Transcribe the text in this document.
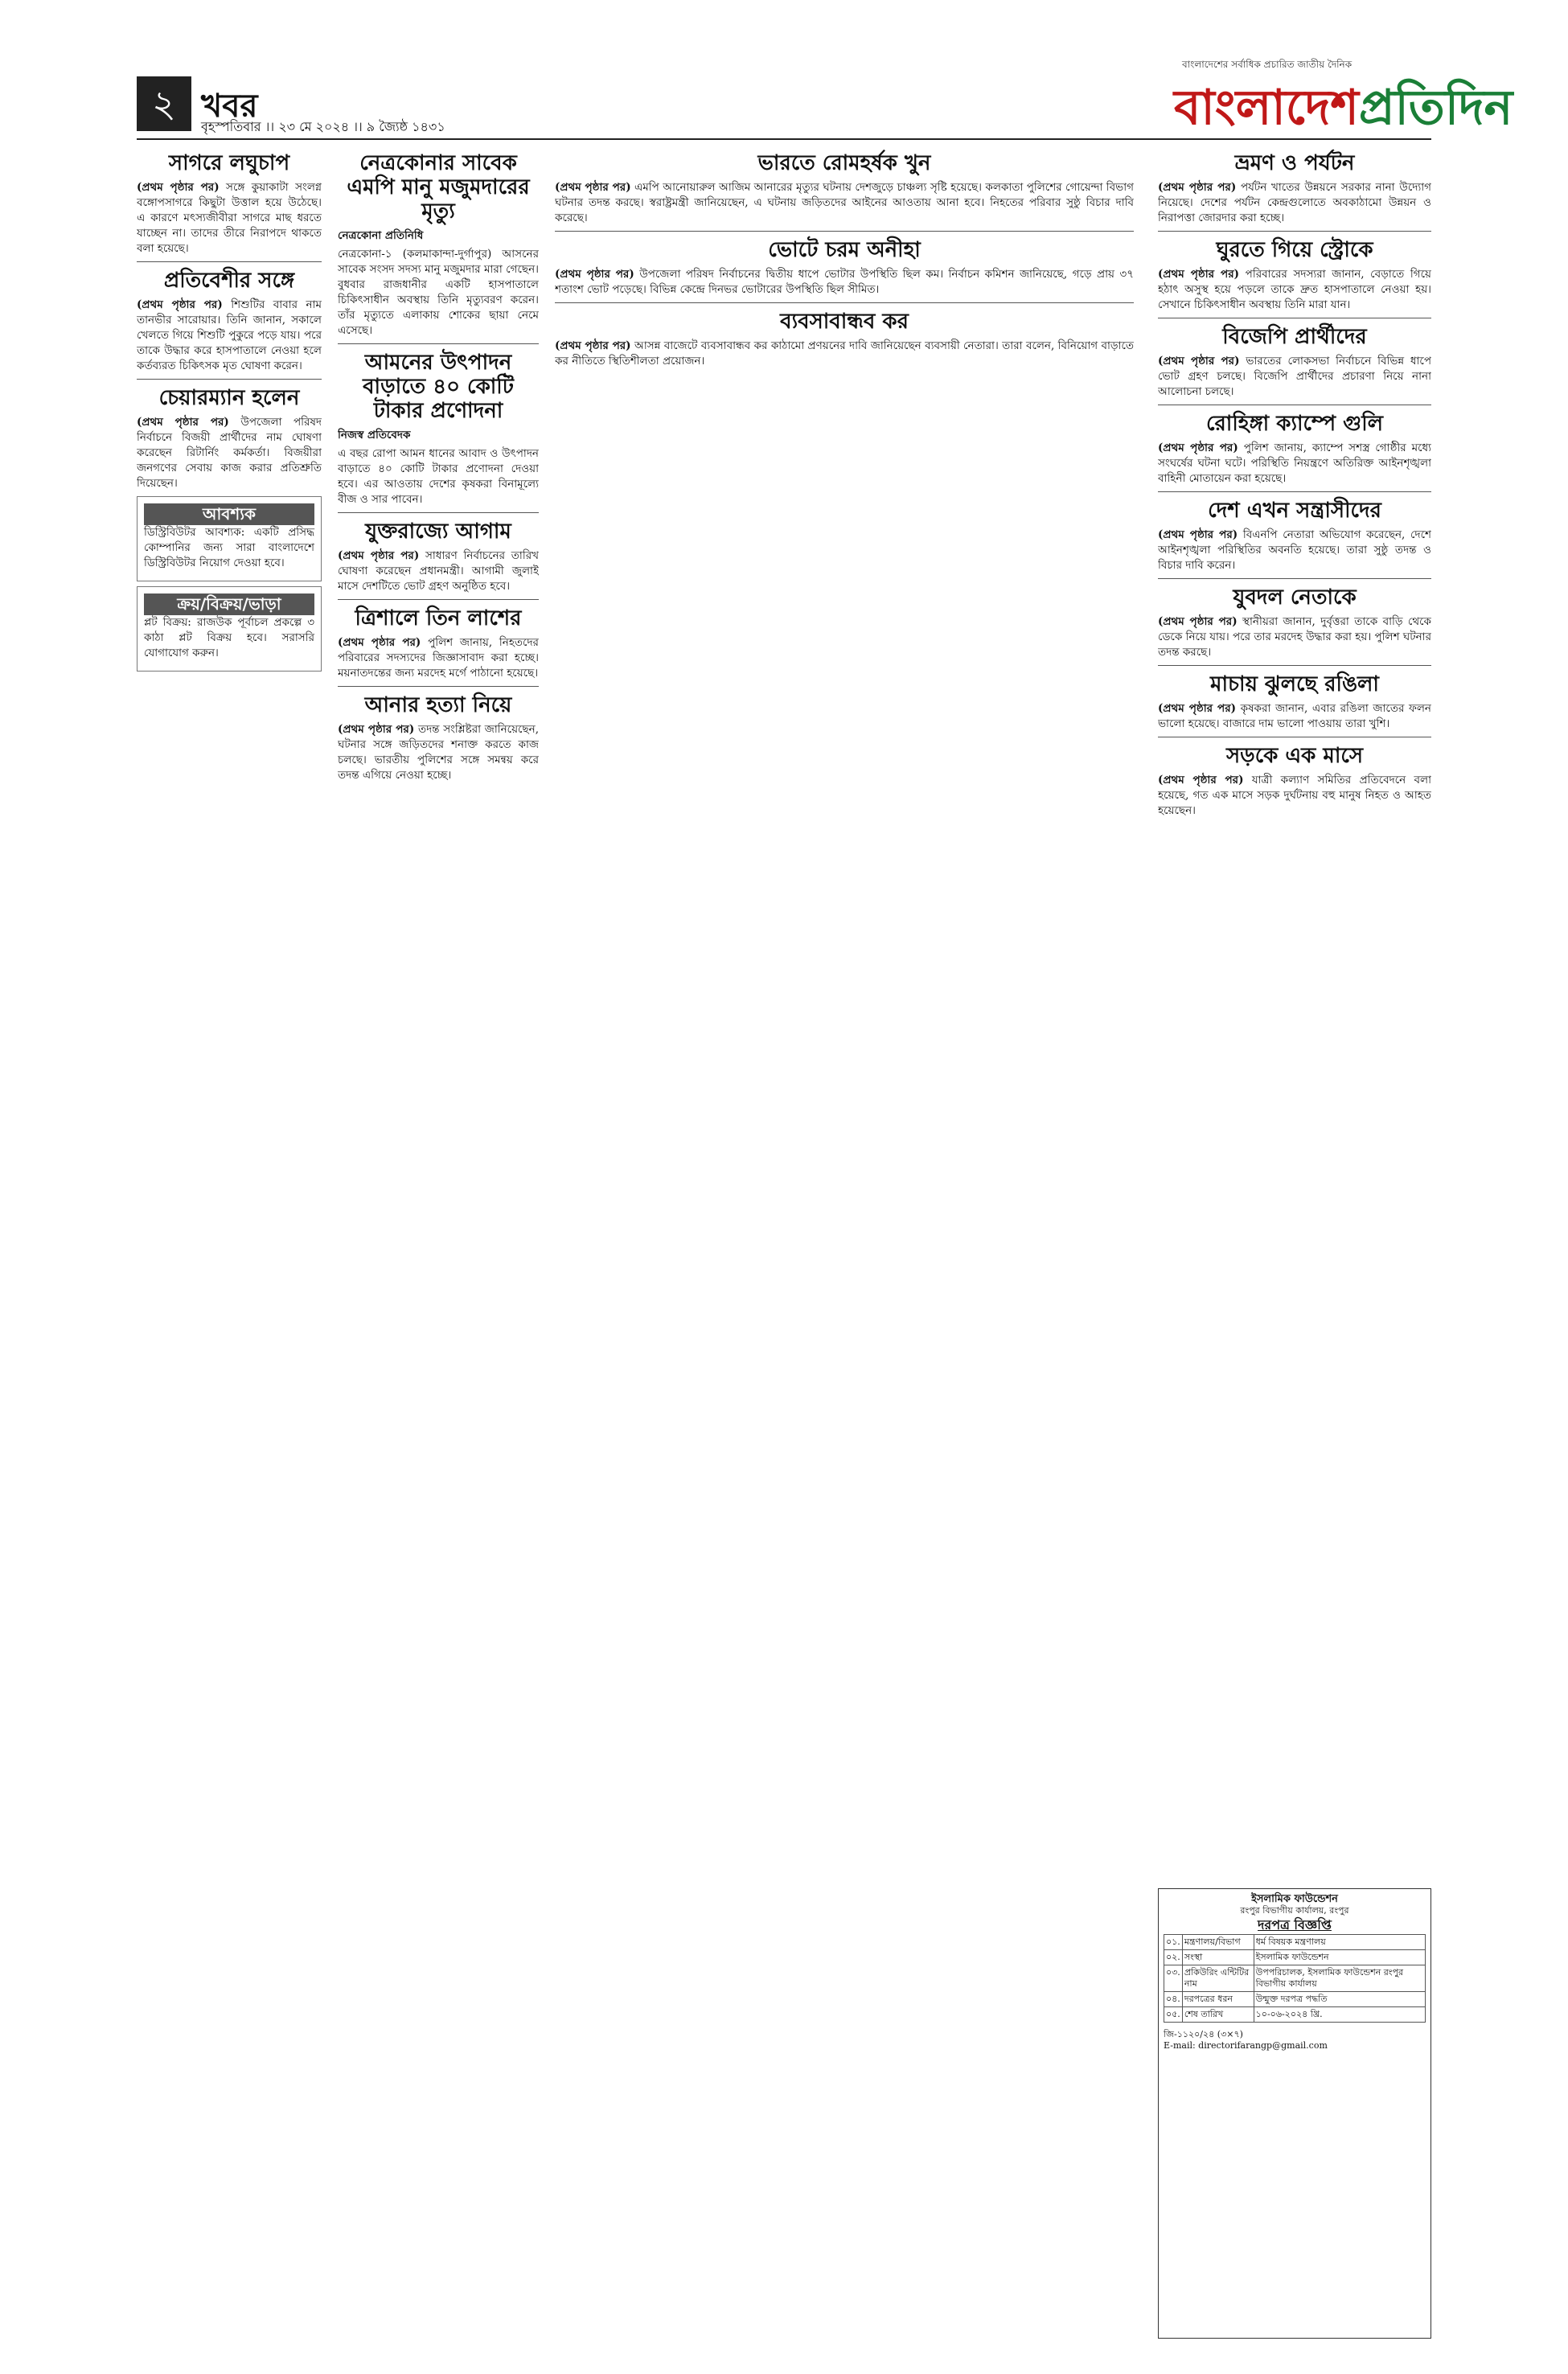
২ খবর
বৃহস্পতিবার ।। ২৩ মে ২০২৪ ।। ৯ জ্যৈষ্ঠ ১৪৩১
বাংলাদেশের সর্বাধিক প্রচারিত জাতীয় দৈনিক
বাংলাদেশপ্রতিদিন
সাগরে লঘুচাপ

(প্রথম পৃষ্ঠার পর) সঙ্গে কুয়াকাটা সংলগ্ন বঙ্গোপসাগরে কিছুটা উত্তাল হয়ে উঠেছে। এ কারণে মৎস্যজীবীরা সাগরে মাছ ধরতে যাচ্ছেন না। তাদের তীরে নিরাপদে থাকতে বলা হয়েছে।

প্রতিবেশীর সঙ্গে

(প্রথম পৃষ্ঠার পর) শিশুটির বাবার নাম তানভীর সারোয়ার। তিনি জানান, সকালে খেলতে গিয়ে শিশুটি পুকুরে পড়ে যায়। পরে তাকে উদ্ধার করে হাসপাতালে নেওয়া হলে কর্তব্যরত চিকিৎসক মৃত ঘোষণা করেন।

চেয়ারম্যান হলেন

(প্রথম পৃষ্ঠার পর) উপজেলা পরিষদ নির্বাচনে বিজয়ী প্রার্থীদের নাম ঘোষণা করেছেন রিটার্নিং কর্মকর্তা। বিজয়ীরা জনগণের সেবায় কাজ করার প্রতিশ্রুতি দিয়েছেন।

আবশ্যক

ডিস্ট্রিবিউটর আবশ্যক: একটি প্রসিদ্ধ কোম্পানির জন্য সারা বাংলাদেশে ডিস্ট্রিবিউটর নিয়োগ দেওয়া হবে।

ক্রয়/বিক্রয়/ভাড়া

প্লট বিক্রয়: রাজউক পূর্বাচল প্রকল্পে ৩ কাঠা প্লট বিক্রয় হবে। সরাসরি যোগাযোগ করুন।

নেত্রকোনার সাবেক এমপি মানু মজুমদারের মৃত্যু

নেত্রকোনা প্রতিনিধি

নেত্রকোনা-১ (কলমাকান্দা-দুর্গাপুর) আসনের সাবেক সংসদ সদস্য মানু মজুমদার মারা গেছেন। বুধবার রাজধানীর একটি হাসপাতালে চিকিৎসাধীন অবস্থায় তিনি মৃত্যুবরণ করেন। তাঁর মৃত্যুতে এলাকায় শোকের ছায়া নেমে এসেছে।

আমনের উৎপাদন বাড়াতে ৪০ কোটি টাকার প্রণোদনা

নিজস্ব প্রতিবেদক

এ বছর রোপা আমন ধানের আবাদ ও উৎপাদন বাড়াতে ৪০ কোটি টাকার প্রণোদনা দেওয়া হবে। এর আওতায় দেশের কৃষকরা বিনামূল্যে বীজ ও সার পাবেন।

যুক্তরাজ্যে আগাম

(প্রথম পৃষ্ঠার পর) সাধারণ নির্বাচনের তারিখ ঘোষণা করেছেন প্রধানমন্ত্রী। আগামী জুলাই মাসে দেশটিতে ভোট গ্রহণ অনুষ্ঠিত হবে।

ত্রিশালে তিন লাশের

(প্রথম পৃষ্ঠার পর) পুলিশ জানায়, নিহতদের পরিবারের সদস্যদের জিজ্ঞাসাবাদ করা হচ্ছে। ময়নাতদন্তের জন্য মরদেহ মর্গে পাঠানো হয়েছে।

আনার হত্যা নিয়ে

(প্রথম পৃষ্ঠার পর) তদন্ত সংশ্লিষ্টরা জানিয়েছেন, ঘটনার সঙ্গে জড়িতদের শনাক্ত করতে কাজ চলছে। ভারতীয় পুলিশের সঙ্গে সমন্বয় করে তদন্ত এগিয়ে নেওয়া হচ্ছে।

ভারতে রোমহর্ষক খুন

(প্রথম পৃষ্ঠার পর) এমপি আনোয়ারুল আজিম আনারের মৃত্যুর ঘটনায় দেশজুড়ে চাঞ্চল্য সৃষ্টি হয়েছে। কলকাতা পুলিশের গোয়েন্দা বিভাগ ঘটনার তদন্ত করছে। স্বরাষ্ট্রমন্ত্রী জানিয়েছেন, এ ঘটনায় জড়িতদের আইনের আওতায় আনা হবে। নিহতের পরিবার সুষ্ঠু বিচার দাবি করেছে।

ভোটে চরম অনীহা

(প্রথম পৃষ্ঠার পর) উপজেলা পরিষদ নির্বাচনের দ্বিতীয় ধাপে ভোটার উপস্থিতি ছিল কম। নির্বাচন কমিশন জানিয়েছে, গড়ে প্রায় ৩৭ শতাংশ ভোট পড়েছে। বিভিন্ন কেন্দ্রে দিনভর ভোটারের উপস্থিতি ছিল সীমিত।

ব্যবসাবান্ধব কর

(প্রথম পৃষ্ঠার পর) আসন্ন বাজেটে ব্যবসাবান্ধব কর কাঠামো প্রণয়নের দাবি জানিয়েছেন ব্যবসায়ী নেতারা। তারা বলেন, বিনিয়োগ বাড়াতে কর নীতিতে স্থিতিশীলতা প্রয়োজন।

ভ্রমণ ও পর্যটন

(প্রথম পৃষ্ঠার পর) পর্যটন খাতের উন্নয়নে সরকার নানা উদ্যোগ নিয়েছে। দেশের পর্যটন কেন্দ্রগুলোতে অবকাঠামো উন্নয়ন ও নিরাপত্তা জোরদার করা হচ্ছে।

ঘুরতে গিয়ে স্ট্রোকে

(প্রথম পৃষ্ঠার পর) পরিবারের সদস্যরা জানান, বেড়াতে গিয়ে হঠাৎ অসুস্থ হয়ে পড়লে তাকে দ্রুত হাসপাতালে নেওয়া হয়। সেখানে চিকিৎসাধীন অবস্থায় তিনি মারা যান।

বিজেপি প্রার্থীদের

(প্রথম পৃষ্ঠার পর) ভারতের লোকসভা নির্বাচনে বিভিন্ন ধাপে ভোট গ্রহণ চলছে। বিজেপি প্রার্থীদের প্রচারণা নিয়ে নানা আলোচনা চলছে।

রোহিঙ্গা ক্যাম্পে গুলি

(প্রথম পৃষ্ঠার পর) পুলিশ জানায়, ক্যাম্পে সশস্ত্র গোষ্ঠীর মধ্যে সংঘর্ষের ঘটনা ঘটে। পরিস্থিতি নিয়ন্ত্রণে অতিরিক্ত আইনশৃঙ্খলা বাহিনী মোতায়েন করা হয়েছে।

দেশ এখন সন্ত্রাসীদের

(প্রথম পৃষ্ঠার পর) বিএনপি নেতারা অভিযোগ করেছেন, দেশে আইনশৃঙ্খলা পরিস্থিতির অবনতি হয়েছে। তারা সুষ্ঠু তদন্ত ও বিচার দাবি করেন।

যুবদল নেতাকে

(প্রথম পৃষ্ঠার পর) স্থানীয়রা জানান, দুর্বৃত্তরা তাকে বাড়ি থেকে ডেকে নিয়ে যায়। পরে তার মরদেহ উদ্ধার করা হয়। পুলিশ ঘটনার তদন্ত করছে।

মাচায় ঝুলছে রঙিলা

(প্রথম পৃষ্ঠার পর) কৃষকরা জানান, এবার রঙিলা জাতের ফলন ভালো হয়েছে। বাজারে দাম ভালো পাওয়ায় তারা খুশি।

সড়কে এক মাসে

(প্রথম পৃষ্ঠার পর) যাত্রী কল্যাণ সমিতির প্রতিবেদনে বলা হয়েছে, গত এক মাসে সড়ক দুর্ঘটনায় বহু মানুষ নিহত ও আহত হয়েছেন।

ইসলামিক ফাউন্ডেশন
রংপুর বিভাগীয় কার্যালয়, রংপুর
দরপত্র বিজ্ঞপ্তি
০১.	মন্ত্রণালয়/বিভাগ	ধর্ম বিষয়ক মন্ত্রণালয়
০২.	সংস্থা	ইসলামিক ফাউন্ডেশন
০৩.	প্রকিউরিং এন্টিটির নাম	উপপরিচালক, ইসলামিক ফাউন্ডেশন রংপুর বিভাগীয় কার্যালয়
০৪.	দরপত্রের ধরন	উন্মুক্ত দরপত্র পদ্ধতি
০৫.	শেষ তারিখ	১০-০৬-২০২৪ খ্রি.
জি-১১২০/২৪ (৩×৭)
E-mail: directorifarangp@gmail.com
